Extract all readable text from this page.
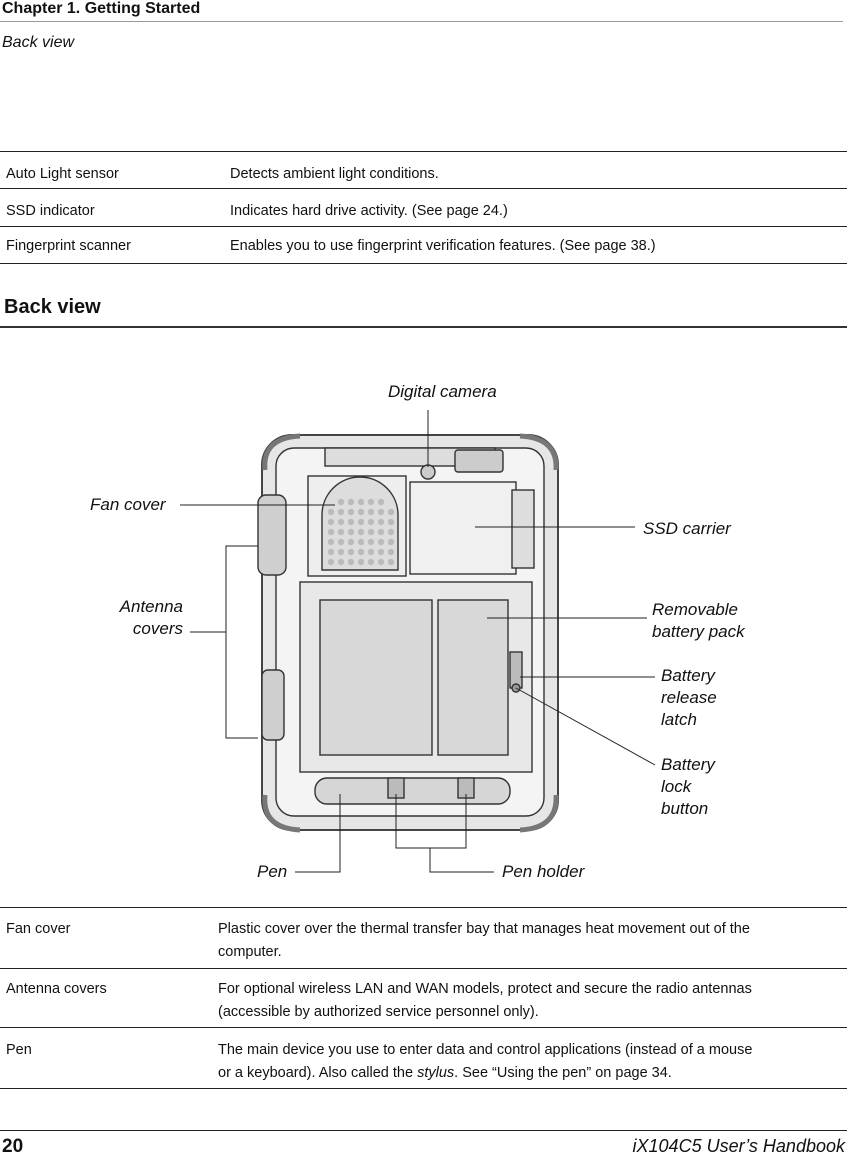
Chapter 1. Getting Started
Back view
Auto Light sensor	Detects ambient light conditions.
SSD indicator	Indicates hard drive activity. (See page 24.)
Fingerprint scanner	Enables you to use fingerprint verification features. (See page 38.)
Back view
Digital camera
Fan cover
SSD carrier
Antenna
covers
Removable
battery pack
Battery
release
latch
Battery
lock
button
Pen	Pen holder
Fan cover	Plastic cover over the thermal transfer bay that manages heat movement out of the
computer.
Antenna covers	For optional wireless LAN and WAN models, protect and secure the radio antennas
(accessible by authorized service personnel only).
Pen	The main device you use to enter data and control applications (instead of a mouse
or a keyboard). Also called the stylus. See “Using the pen” on page 34.
20	iX104C5 User’s Handbook
